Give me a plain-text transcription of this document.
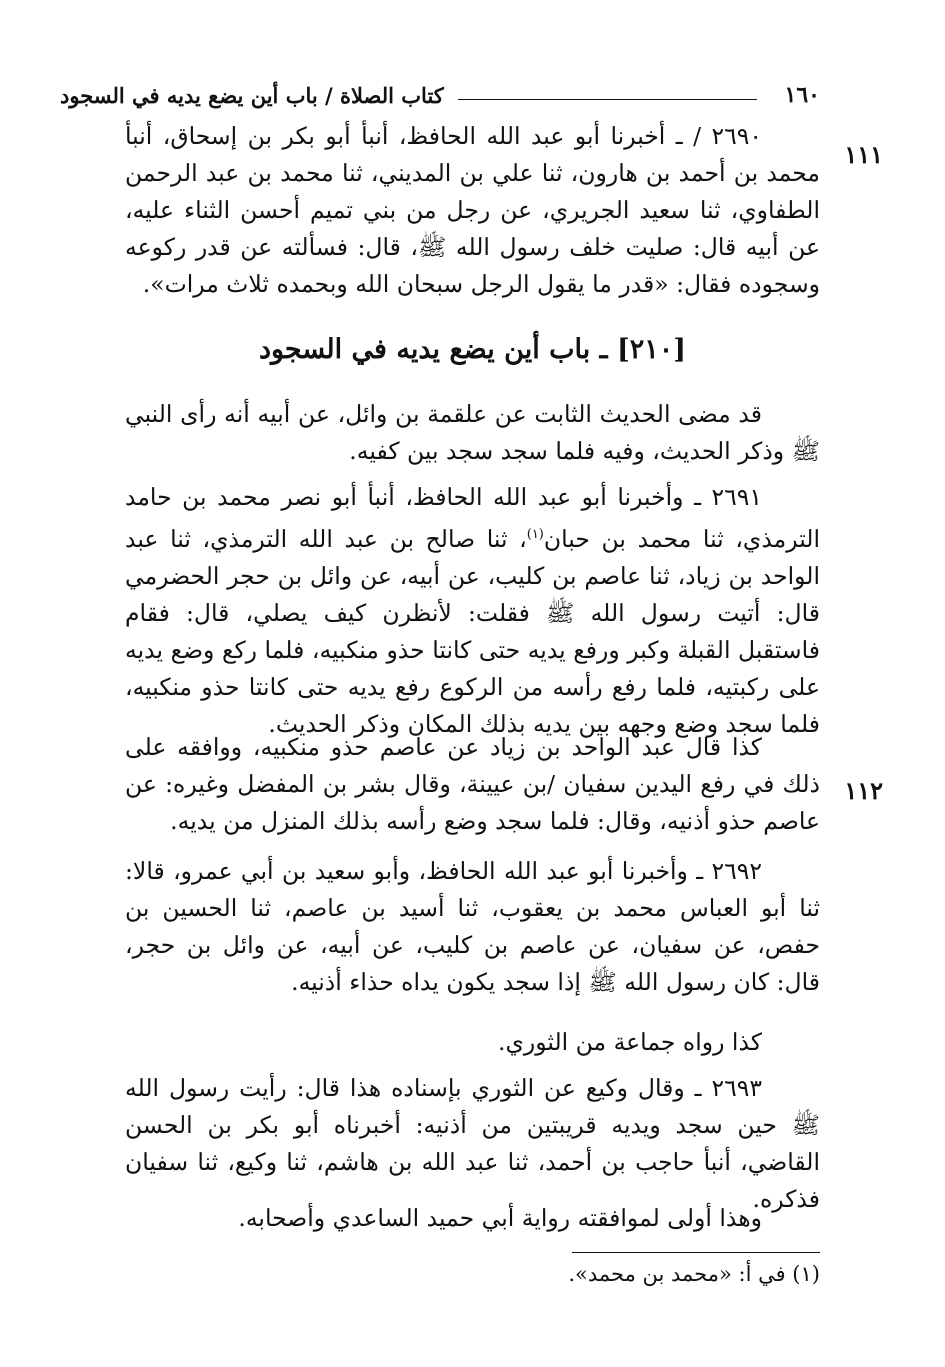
١٦٠
كتاب الصلاة / باب أين يضع يديه في السجود
١١١
١١٢

٢٦٩٠ / ـ أخبرنا أبو عبد الله الحافظ، أنبأ أبو بكر بن إسحاق، أنبأ محمد بن أحمد بن هارون، ثنا علي بن المديني، ثنا محمد بن عبد الرحمن الطفاوي، ثنا سعيد الجريري، عن رجل من بني تميم أحسن الثناء عليه، عن أبيه قال: صليت خلف رسول الله ﷺ، قال: فسألته عن قدر ركوعه وسجوده فقال: «قدر ما يقول الرجل سبحان الله وبحمده ثلاث مرات».

[٢١٠] ـ باب أين يضع يديه في السجود

قد مضى الحديث الثابت عن علقمة بن وائل، عن أبيه أنه رأى النبي ﷺ وذكر الحديث، وفيه فلما سجد سجد بين كفيه.

٢٦٩١ ـ وأخبرنا أبو عبد الله الحافظ، أنبأ أبو نصر محمد بن حامد الترمذي، ثنا محمد بن حبان$^{(١)}$، ثنا صالح بن عبد الله الترمذي، ثنا عبد الواحد بن زياد، ثنا عاصم بن كليب، عن أبيه، عن وائل بن حجر الحضرمي قال: أتيت رسول الله ﷺ فقلت: لأنظرن كيف يصلي، قال: فقام فاستقبل القبلة وكبر ورفع يديه حتى كانتا حذو منكبيه، فلما ركع وضع يديه على ركبتيه، فلما رفع رأسه من الركوع رفع يديه حتى كانتا حذو منكبيه، فلما سجد وضع وجهه بين يديه بذلك المكان وذكر الحديث.

كذا قال عبد الواحد بن زياد عن عاصم حذو منكبيه، ووافقه على ذلك في رفع اليدين سفيان /بن عيينة، وقال بشر بن المفضل وغيره: عن عاصم حذو أذنيه، وقال: فلما سجد وضع رأسه بذلك المنزل من يديه.

٢٦٩٢ ـ وأخبرنا أبو عبد الله الحافظ، وأبو سعيد بن أبي عمرو، قالا: ثنا أبو العباس محمد بن يعقوب، ثنا أسيد بن عاصم، ثنا الحسين بن حفص، عن سفيان، عن عاصم بن كليب، عن أبيه، عن وائل بن حجر، قال: كان رسول الله ﷺ إذا سجد يكون يداه حذاء أذنيه.

كذا رواه جماعة من الثوري.

٢٦٩٣ ـ وقال وكيع عن الثوري بإسناده هذا قال: رأيت رسول الله ﷺ حين سجد ويديه قريبتين من أذنيه: أخبرناه أبو بكر بن الحسن القاضي، أنبأ حاجب بن أحمد، ثنا عبد الله بن هاشم، ثنا وكيع، ثنا سفيان فذكره.

وهذا أولى لموافقته رواية أبي حميد الساعدي وأصحابه.

(١) في أ: «محمد بن محمد».
